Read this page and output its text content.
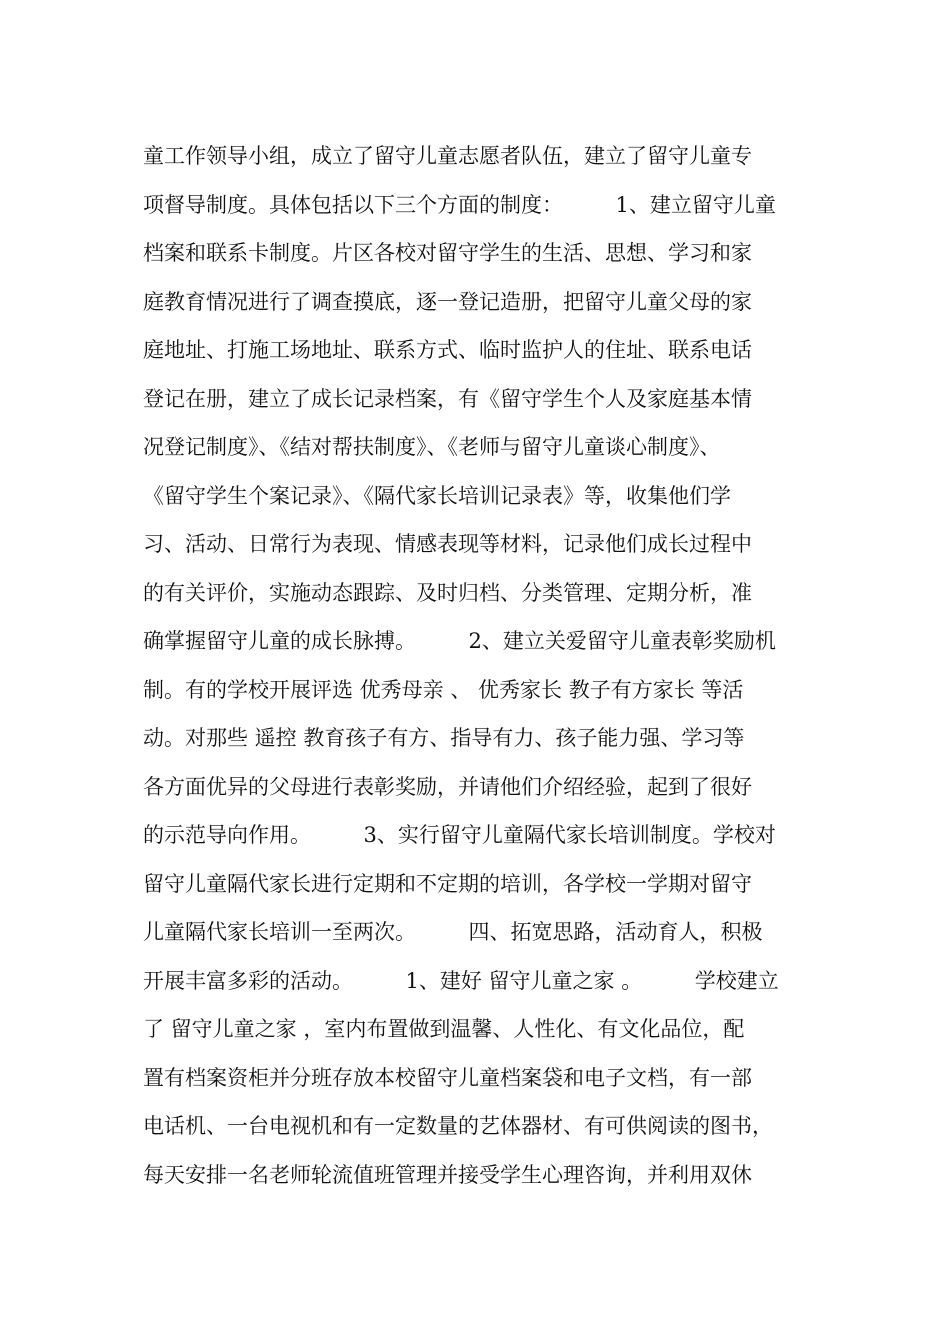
童工作领导小组，成立了留守儿童志愿者队伍，建立了留守儿童专
项督导制度。具体包括以下三个方面的制度：　　　1、建立留守儿童
档案和联系卡制度。片区各校对留守学生的生活、思想、学习和家
庭教育情况进行了调查摸底，逐一登记造册，把留守儿童父母的家
庭地址、打施工场地址、联系方式、临时监护人的住址、联系电话
登记在册，建立了成长记录档案，有《留守学生个人及家庭基本情
况登记制度》、《结对帮扶制度》、《老师与留守儿童谈心制度》、
《留守学生个案记录》、《隔代家长培训记录表》等，收集他们学
习、活动、日常行为表现、情感表现等材料，记录他们成长过程中
的有关评价，实施动态跟踪、及时归档、分类管理、定期分析，准
确掌握留守儿童的成长脉搏。　　　2、建立关爱留守儿童表彰奖励机
制。有的学校开展评选 优秀母亲 、 优秀家长 教子有方家长 等活
动。对那些 遥控 教育孩子有方、指导有力、孩子能力强、学习等
各方面优异的父母进行表彰奖励，并请他们介绍经验，起到了很好
的示范导向作用。　　　3、实行留守儿童隔代家长培训制度。学校对
留守儿童隔代家长进行定期和不定期的培训，各学校一学期对留守
儿童隔代家长培训一至两次。　　　四、拓宽思路，活动育人，积极
开展丰富多彩的活动。　　　1、建好 留守儿童之家 。　　　学校建立
了 留守儿童之家 ，室内布置做到温馨、人性化、有文化品位，配
置有档案资柜并分班存放本校留守儿童档案袋和电子文档，有一部
电话机、一台电视机和有一定数量的艺体器材、有可供阅读的图书，
每天安排一名老师轮流值班管理并接受学生心理咨询，并利用双休
